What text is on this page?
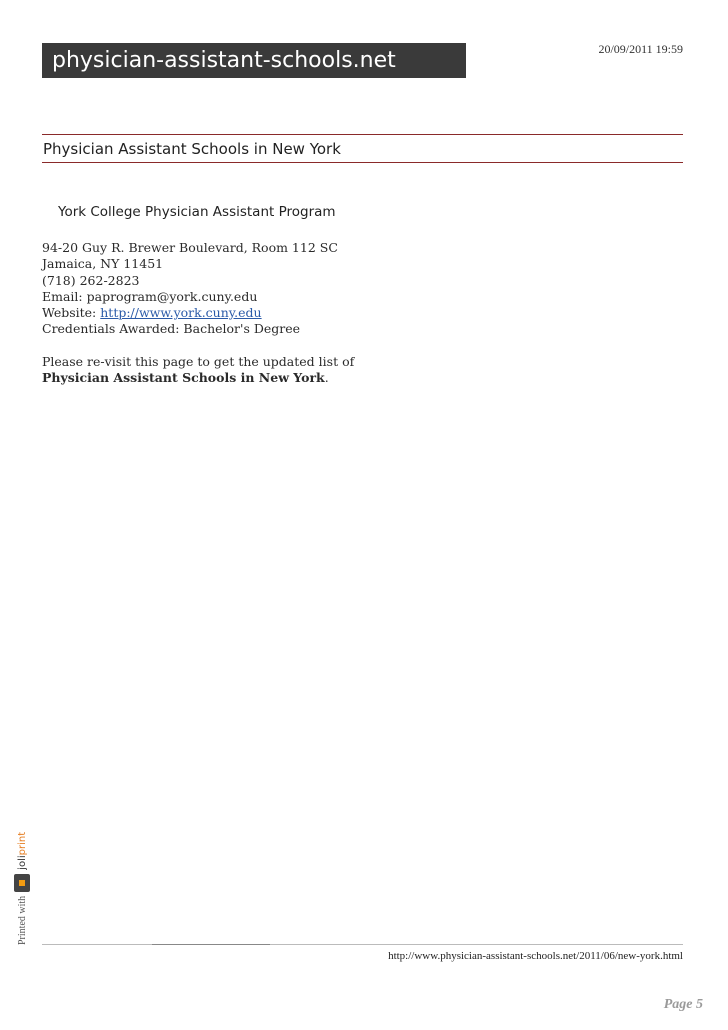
20/09/2011 19:59
physician-assistant-schools.net
Physician Assistant Schools in New York
York College Physician Assistant Program
94-20 Guy R. Brewer Boulevard, Room 112 SC
Jamaica, NY 11451
(718) 262-2823
Email: paprogram@york.cuny.edu
Website: http://www.york.cuny.edu
Credentials Awarded: Bachelor's Degree
Please re-visit this page to get the updated list of
Physician Assistant Schools in New York.
Printed with
joliprint
http://www.physician-assistant-schools.net/2011/06/new-york.html
Page 5
